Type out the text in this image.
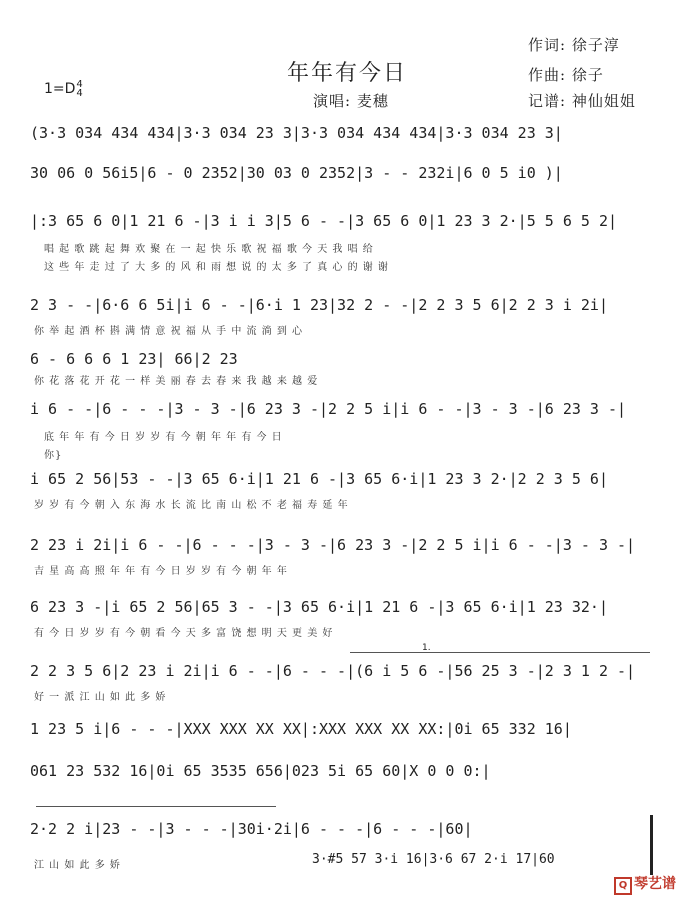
年年有今日
1=D4
4
作词: 徐子淳
演唱: 麦穗
作曲: 徐子
记谱: 神仙姐姐
(3·3 034 434 434|3·3 034 23 3|3·3 034 434 434|3·3 034 23 3|
30 06 0 56i5|6 - 0 2352|30 03 0 2352|3 - - 232i|6 0 5 i0 )|
|:3 65 6 0|1 21 6 -|3 i i 3|5 6 - -|3 65 6 0|1 23 3 2·|5 5 6 5 2|
唱 起 歌 跳 起 舞 欢 聚 在 一 起 快 乐 歌 祝 福 歌 今 天 我 唱 给
这 些 年 走 过 了 大 多 的 风 和 雨 想 说 的 太 多 了 真 心 的 谢 谢
2 3 - -|6·6 6 5i|i 6 - -|6·i 1 23|32 2 - -|2 2 3 5 6|2 2 3 i 2i|
你 举 起 酒 杯 斟 满 情 意 祝 福 从 手 中 流 淌 到 心
6 - 6 6 6 1 23| 66|2 23
你 花 落 花 开 花 一 样 美 丽 春 去 春 来 我 越 来 越 爱
i 6 - -|6 - - -|3 - 3 -|6 23 3 -|2 2 5 i|i 6 - -|3 - 3 -|6 23 3 -|
底 年 年 有 今 日 岁 岁 有 今 朝 年 年 有 今 日
你}
i 65 2 56|53 - -|3 65 6·i|1 21 6 -|3 65 6·i|1 23 3 2·|2 2 3 5 6|
岁 岁 有 今 朝 入 东 海 水 长 流 比 南 山 松 不 老 福 寿 延 年
2 23 i 2i|i 6 - -|6 - - -|3 - 3 -|6 23 3 -|2 2 5 i|i 6 - -|3 - 3 -|
吉 星 高 高 照 年 年 有 今 日 岁 岁 有 今 朝 年 年
6 23 3 -|i 65 2 56|65 3 - -|3 65 6·i|1 21 6 -|3 65 6·i|1 23 32·|
有 今 日 岁 岁 有 今 朝 看 今 天 多 富 饶 想 明 天 更 美 好
1.
2 2 3 5 6|2 23 i 2i|i 6 - -|6 - - -|(6 i 5 6 -|56 25 3 -|2 3 1 2 -|
好 一 派 江 山 如 此 多 娇
1 23 5 i|6 - - -|XXX XXX XX XX|:XXX XXX XX XX:|0i 65 332 16|
061 23 532 16|0i 65 3535 656|023 5i 65 60|X 0 0 0:|
2·2 2 i|23 - -|3 - - -|30i·2i|6 - - -|6 - - -|60|
江 山 如 此 多 娇	3·#5 57 3·i 16|3·6 67 2·i 17|60
Q 琴艺谱
